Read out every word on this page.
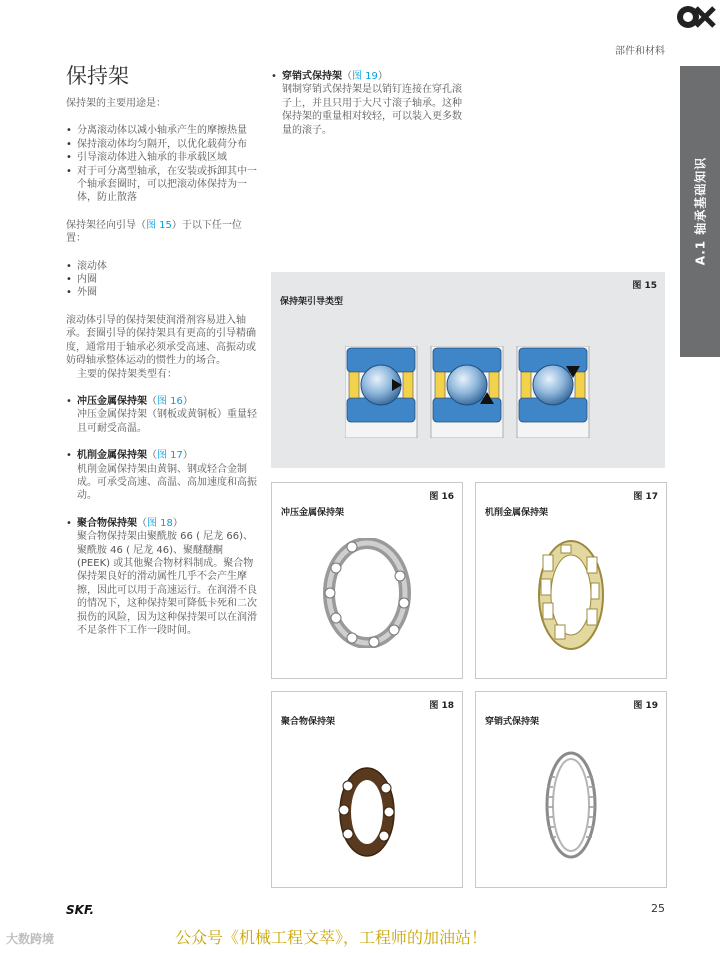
部件和材料
A.1 轴承基础知识
保持架

保持架的主要用途是：

• 分离滚动体以减小轴承产生的摩擦热量
• 保持滚动体均匀隔开，以优化载荷分布
• 引导滚动体进入轴承的非承载区域
• 对于可分离型轴承，在安装或拆卸其中一个轴承套圈时，可以把滚动体保持为一体，防止散落

保持架径向引导（图 15）于以下任一位置：

• 滚动体
• 内圈
• 外圈

滚动体引导的保持架使润滑剂容易进入轴承。套圈引导的保持架具有更高的引导精确度，通常用于轴承必须承受高速、高振动或妨碍轴承整体运动的惯性力的场合。

主要的保持架类型有：

• 冲压金属保持架（图 16）
冲压金属保持架（钢板或黄铜板）重量轻且可耐受高温。
• 机削金属保持架（图 17）
机削金属保持架由黄铜、钢或轻合金制成。可承受高速、高温、高加速度和高振动。
• 聚合物保持架（图 18）
聚合物保持架由聚酰胺 66 ( 尼龙 66)、聚酰胺 46 ( 尼龙 46)、聚醚醚酮 (PEEK) 或其他聚合物材料制成。聚合物保持架良好的滑动属性几乎不会产生摩擦，因此可以用于高速运行。在润滑不良的情况下，这种保持架可降低卡死和二次损伤的风险，因为这种保持架可以在润滑不足条件下工作一段时间。
• 穿销式保持架（图 19）
钢制穿销式保持架是以销钉连接在穿孔滚子上，并且只用于大尺寸滚子轴承。这种保持架的重量相对较轻，可以装入更多数量的滚子。
图 15
保持架引导类型
图 16
冲压金属保持架
图 17
机削金属保持架
图 18
聚合物保持架
图 19
穿销式保持架
SKF.	25
公众号《机械工程文萃》，工程师的加油站！
大数跨境
